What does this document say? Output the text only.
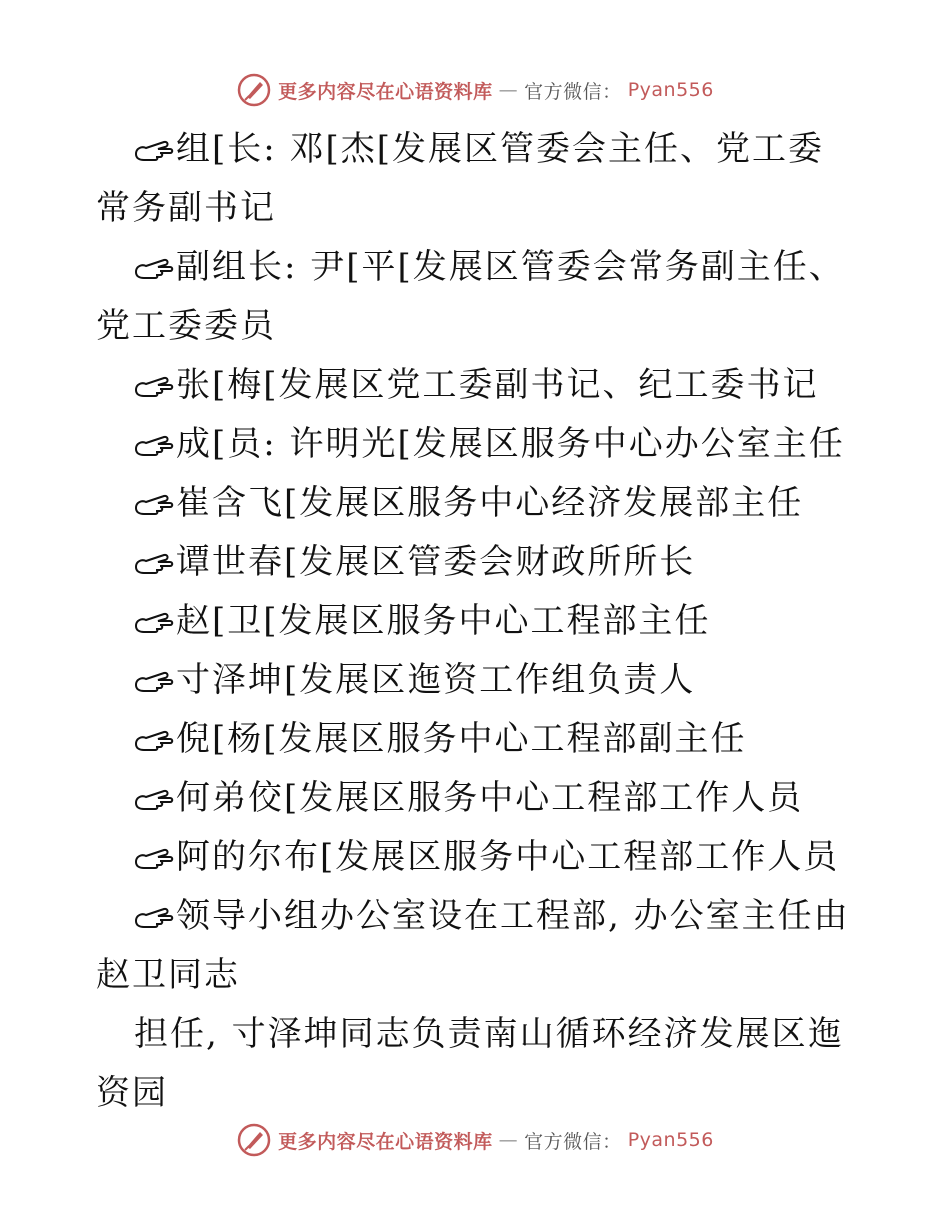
更多内容尽在心语资料库 — 官方微信： Pyan556

组[长: 邓[杰[发展区管委会主任、党工委常务副书记

副组长: 尹[平[发展区管委会常务副主任、党工委委员

张[梅[发展区党工委副书记、纪工委书记

成[员: 许明光[发展区服务中心办公室主任

崔含飞[发展区服务中心经济发展部主任

谭世春[发展区管委会财政所所长

赵[卫[发展区服务中心工程部主任

寸泽坤[发展区迤资工作组负责人

倪[杨[发展区服务中心工程部副主任

何弟佼[发展区服务中心工程部工作人员

阿的尔布[发展区服务中心工程部工作人员

领导小组办公室设在工程部, 办公室主任由赵卫同志

担任, 寸泽坤同志负责南山循环经济发展区迤资园

更多内容尽在心语资料库 — 官方微信： Pyan556
